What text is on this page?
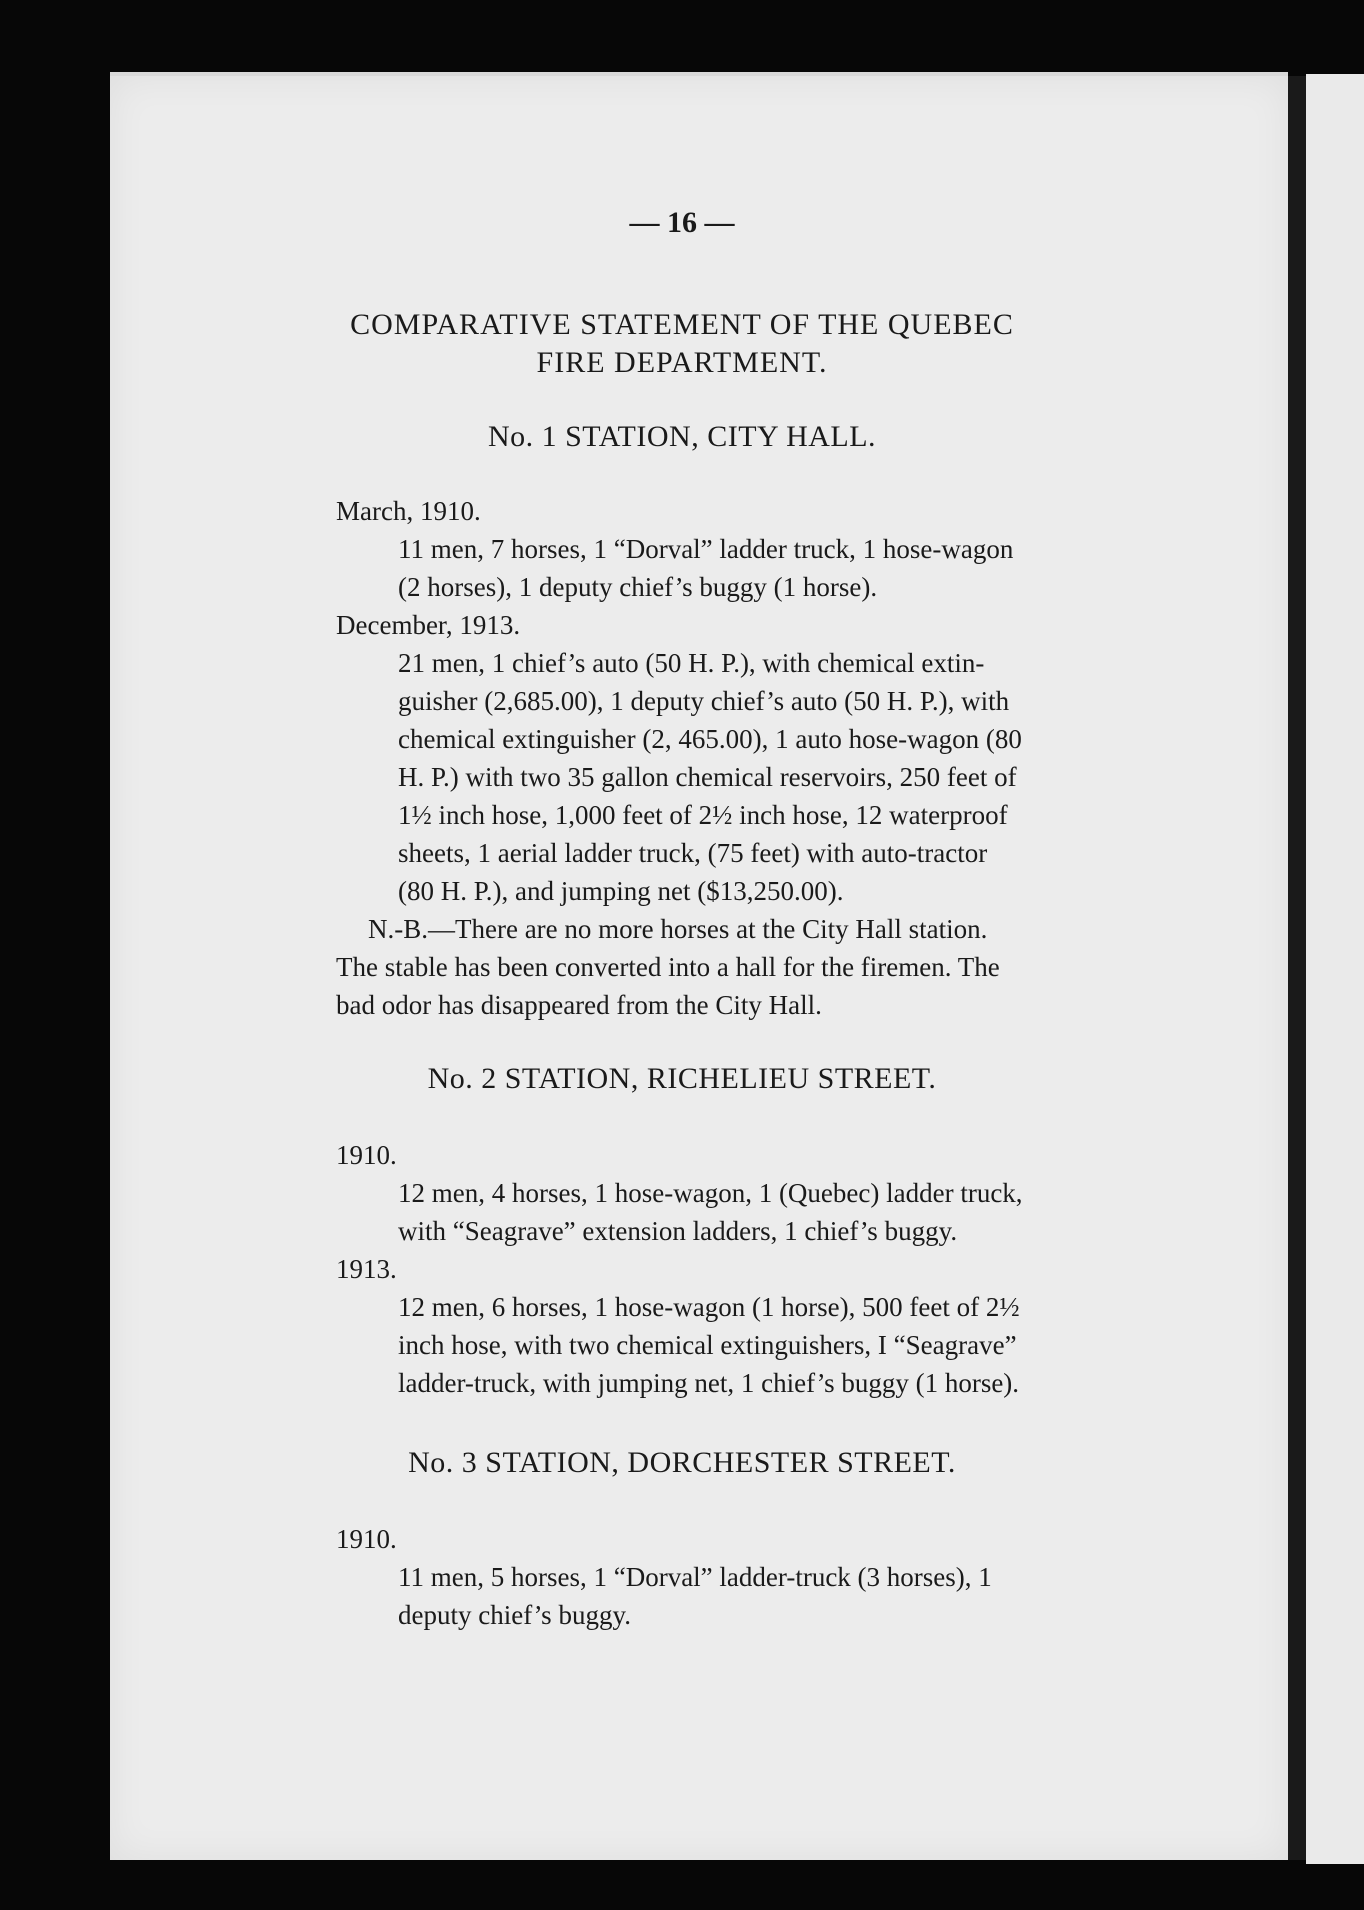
— 16 —
COMPARATIVE STATEMENT OF THE QUEBEC
FIRE DEPARTMENT.
No. 1 STATION, CITY HALL.
March, 1910.
11 men, 7 horses, 1 “Dorval” ladder truck, 1 hose-wagon
(2 horses), 1 deputy chief’s buggy (1 horse).
December, 1913.
21 men, 1 chief’s auto (50 H. P.), with chemical extin-
guisher (2,685.00), 1 deputy chief’s auto (50 H. P.), with
chemical extinguisher (2, 465.00), 1 auto hose-wagon (80
H. P.) with two 35 gallon chemical reservoirs, 250 feet of
1½ inch hose, 1,000 feet of 2½ inch hose, 12 waterproof
sheets, 1 aerial ladder truck, (75 feet) with auto-tractor
(80 H. P.), and jumping net ($13,250.00).
N.-B.—There are no more horses at the City Hall station.
The stable has been converted into a hall for the firemen. The
bad odor has disappeared from the City Hall.
No. 2 STATION, RICHELIEU STREET.
1910.
12 men, 4 horses, 1 hose-wagon, 1 (Quebec) ladder truck,
with “Seagrave” extension ladders, 1 chief’s buggy.
1913.
12 men, 6 horses, 1 hose-wagon (1 horse), 500 feet of 2½
inch hose, with two chemical extinguishers, I “Seagrave”
ladder-truck, with jumping net, 1 chief’s buggy (1 horse).
No. 3 STATION, DORCHESTER STREET.
1910.
11 men, 5 horses, 1 “Dorval” ladder-truck (3 horses), 1
deputy chief’s buggy.
